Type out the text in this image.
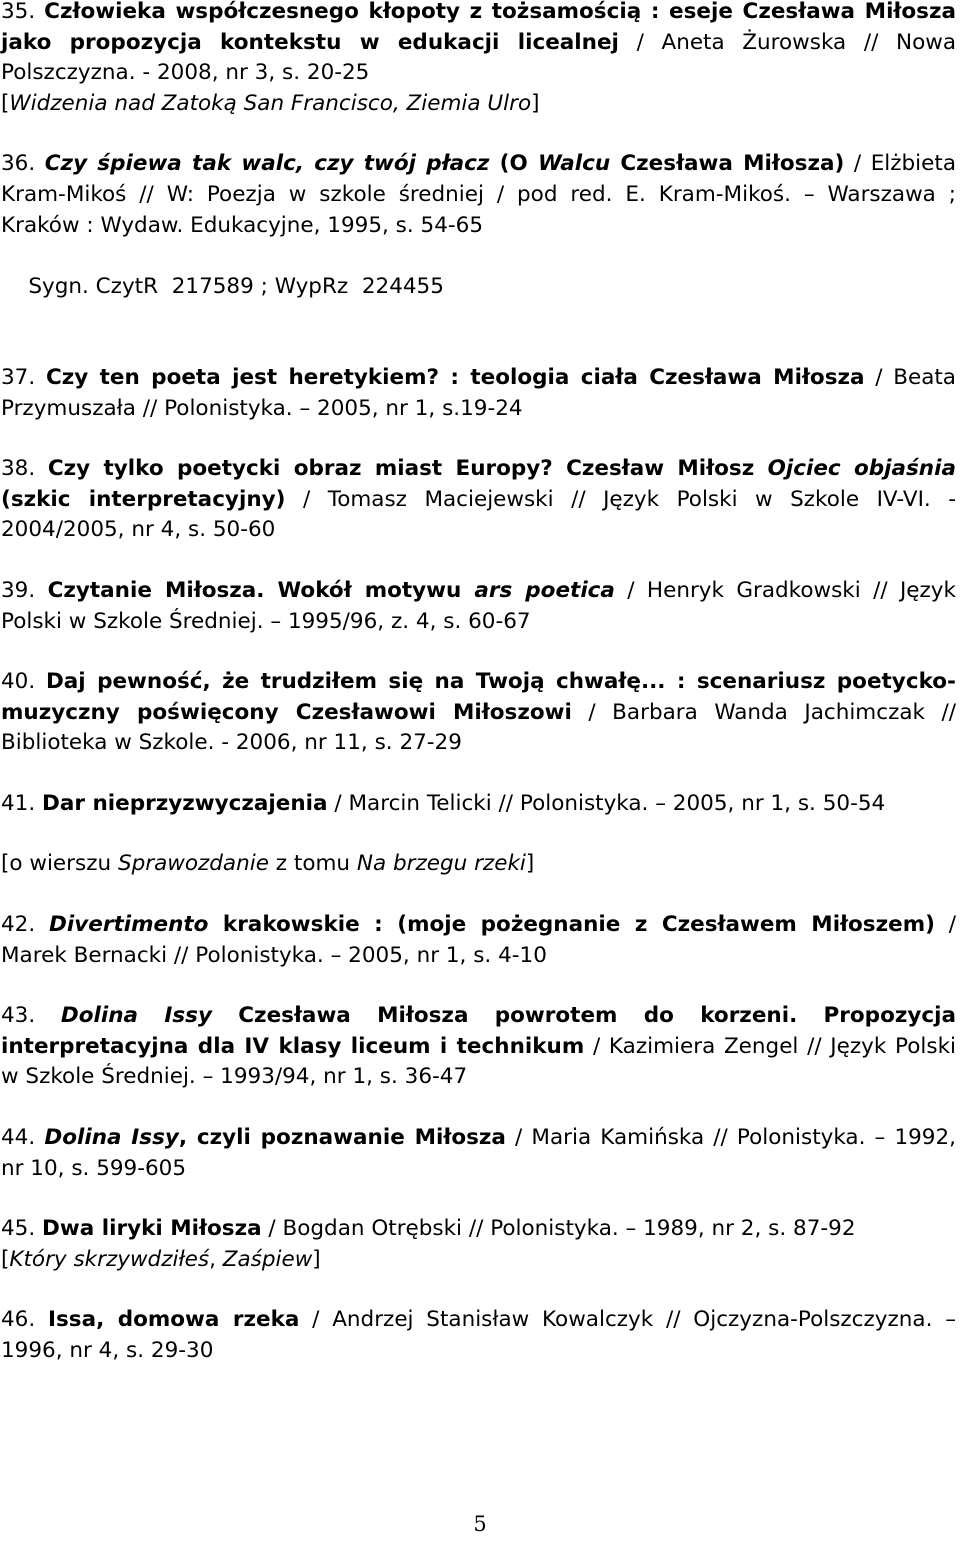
35. Człowieka współczesnego kłopoty z tożsamością : eseje Czesława Miłosza jako propozycja kontekstu w edukacji licealnej / Aneta Żurowska // Nowa Polszczyzna. - 2008, nr 3, s. 20-25

[Widzenia nad Zatoką San Francisco, Ziemia Ulro]

36. Czy śpiewa tak walc, czy twój płacz (O Walcu Czesława Miłosza) / Elżbieta Kram-Mikoś // W: Poezja w szkole średniej / pod red. E. Kram-Mikoś. – Warszawa ; Kraków : Wydaw. Edukacyjne, 1995, s. 54-65

Sygn. CzytR  217589 ; WypRz  224455

37. Czy ten poeta jest heretykiem? : teologia ciała Czesława Miłosza / Beata Przymuszała // Polonistyka. – 2005, nr 1, s.19-24

38. Czy tylko poetycki obraz miast Europy? Czesław Miłosz Ojciec objaśnia (szkic interpretacyjny) / Tomasz Maciejewski // Język Polski w Szkole IV-VI. - 2004/2005, nr 4, s. 50-60

39. Czytanie Miłosza. Wokół motywu ars poetica / Henryk Gradkowski // Język Polski w Szkole Średniej. – 1995/96, z. 4, s. 60-67

40. Daj pewność, że trudziłem się na Twoją chwałę... : scenariusz poetycko-muzyczny poświęcony Czesławowi Miłoszowi / Barbara Wanda Jachimczak // Biblioteka w Szkole. - 2006, nr 11, s. 27-29

41. Dar nieprzyzwyczajenia / Marcin Telicki // Polonistyka. – 2005, nr 1, s. 50-54

[o wierszu Sprawozdanie z tomu Na brzegu rzeki]

42. Divertimento krakowskie : (moje pożegnanie z Czesławem Miłoszem) / Marek Bernacki // Polonistyka. – 2005, nr 1, s. 4-10

43. Dolina Issy Czesława Miłosza powrotem do korzeni. Propozycja interpretacyjna dla IV klasy liceum i technikum / Kazimiera Zengel // Język Polski w Szkole Średniej. – 1993/94, nr 1, s. 36-47

44. Dolina Issy, czyli poznawanie Miłosza / Maria Kamińska // Polonistyka. – 1992, nr 10, s. 599-605

45. Dwa liryki Miłosza / Bogdan Otrębski // Polonistyka. – 1989, nr 2, s. 87-92

[Który skrzywdziłeś, Zaśpiew]

46. Issa, domowa rzeka / Andrzej Stanisław Kowalczyk // Ojczyzna-Polszczyzna. – 1996, nr 4, s. 29-30

5
